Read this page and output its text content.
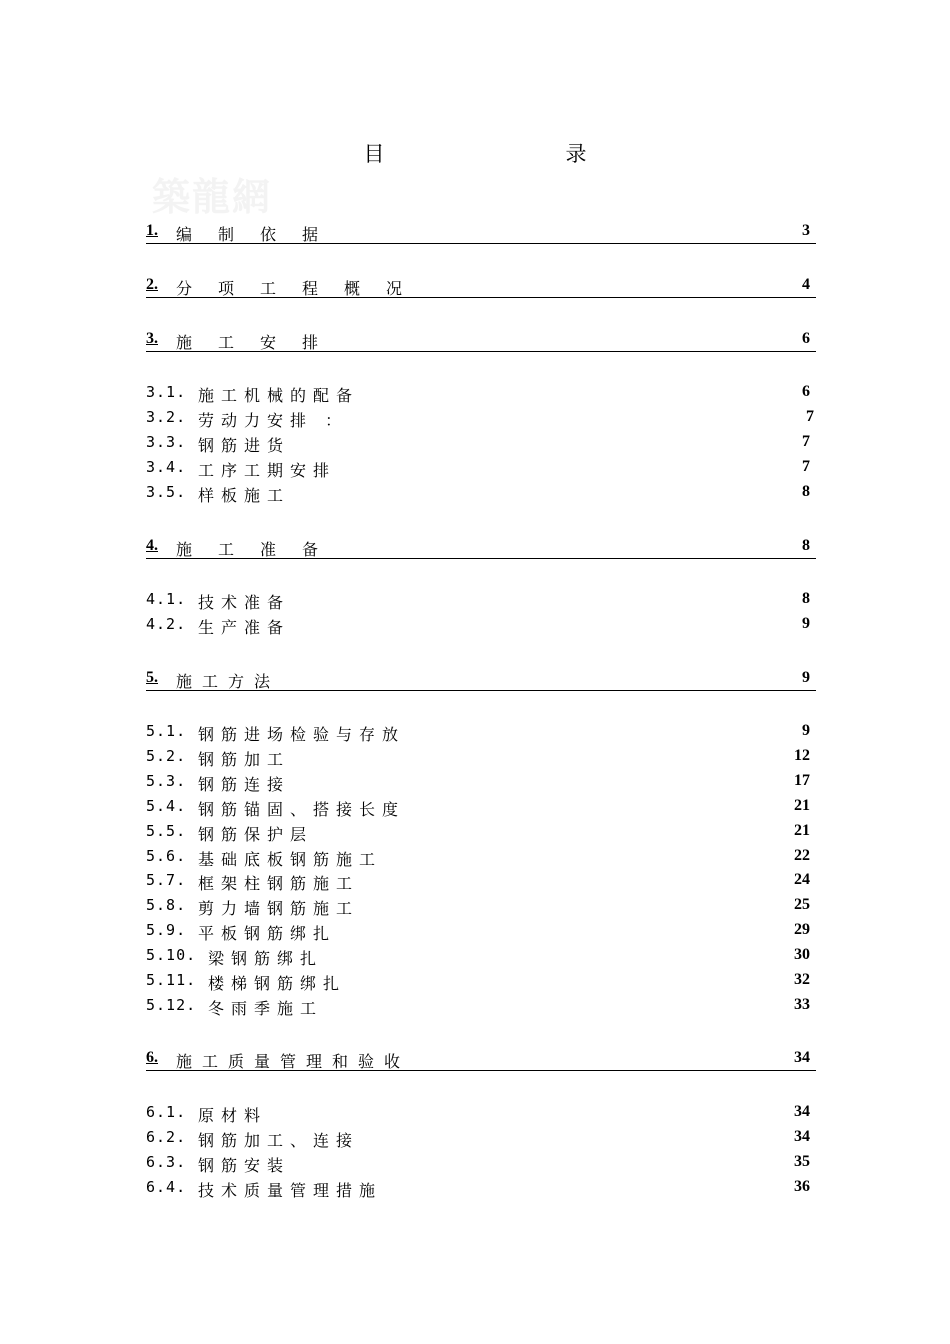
築龍網
目　录
1. 编制依据	3
2. 分项工程概况	4
3. 施工安排	6
4. 施工准备	8
5. 施工方法	9
6. 施工质量管理和验收	34
3.1. 施工机械的配备	6
3.2. 劳动力安排 ：	7
3.3. 钢筋进货	7
3.4. 工序工期安排	7
3.5. 样板施工	8
4.1. 技术准备	8
4.2. 生产准备	9
5.1. 钢筋进场检验与存放	9
5.2. 钢筋加工	12
5.3. 钢筋连接	17
5.4. 钢筋锚固、搭接长度	21
5.5. 钢筋保护层	21
5.6. 基础底板钢筋施工	22
5.7. 框架柱钢筋施工	24
5.8. 剪力墙钢筋施工	25
5.9. 平板钢筋绑扎	29
5.10. 梁钢筋绑扎	30
5.11. 楼梯钢筋绑扎	32
5.12. 冬雨季施工	33
6.1. 原材料	34
6.2. 钢筋加工、连接	34
6.3. 钢筋安装	35
6.4. 技术质量管理措施	36
